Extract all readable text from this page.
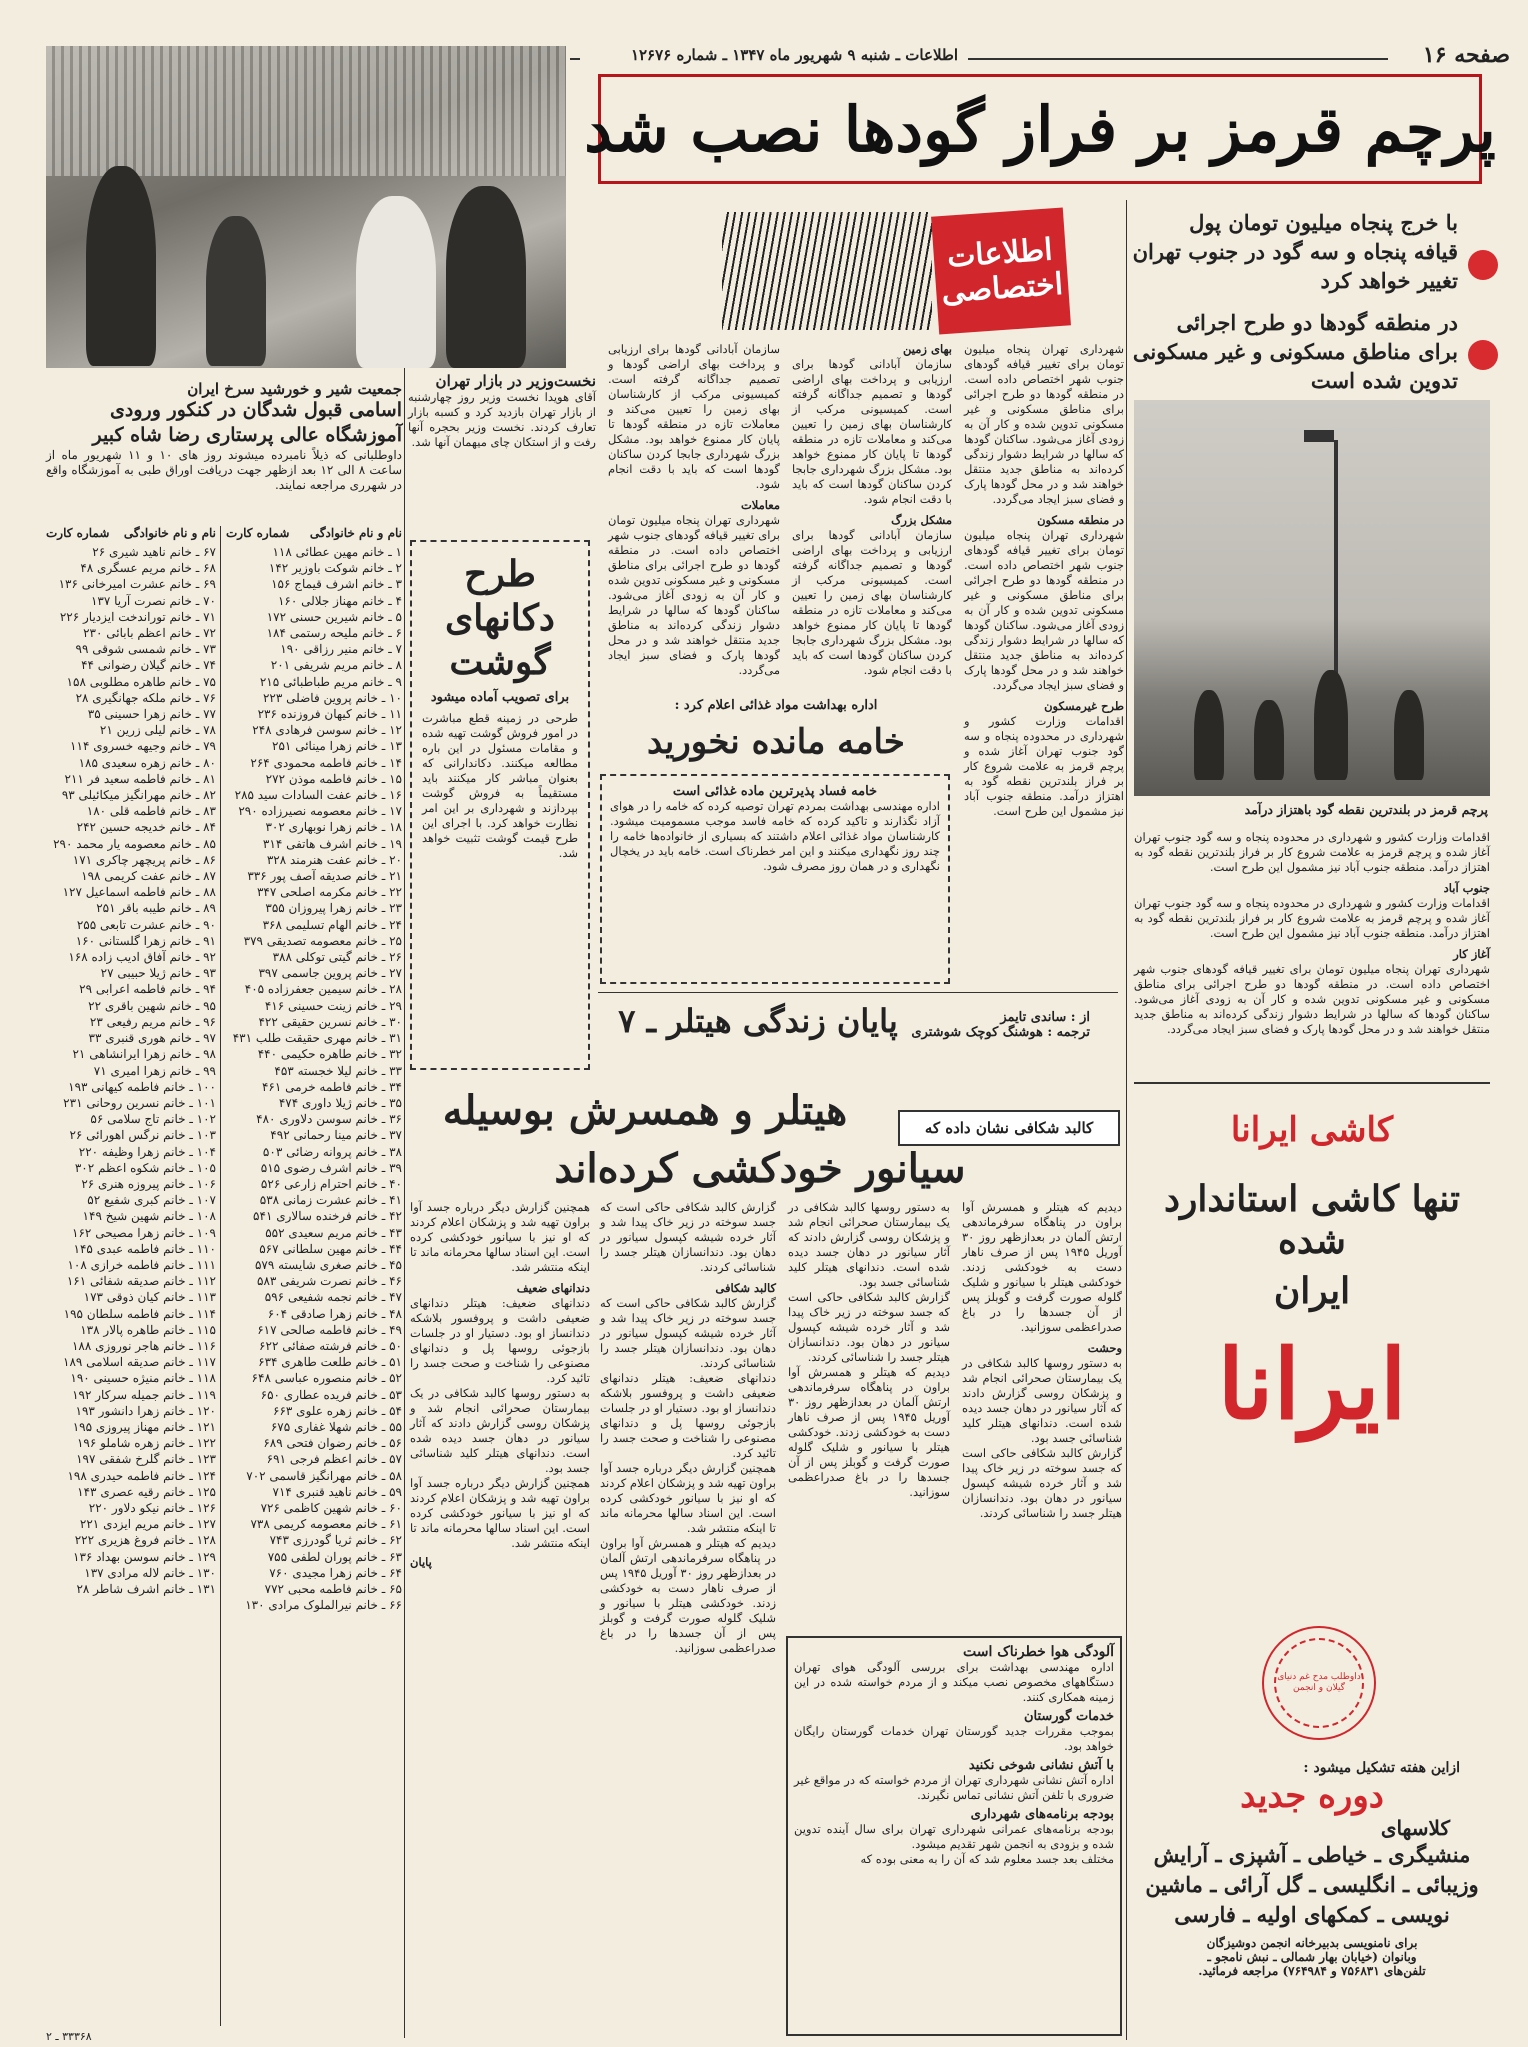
صفحه ۱۶
اطلاعات ـ شنبه ۹ شهریور ماه ۱۳۴۷ ـ شماره ۱۲۶۷۶
پرچم قرمز بر فراز گودها نصب شد
اطلاعات
اختصاصی
با خرج پنجاه میلیون تومان پول
قیافه پنجاه و سه گود در جنوب تهران
تغییر خواهد کرد
در منطقه گودها دو طرح اجرائی
برای مناطق مسکونی و غیر مسکونی
تدوین شده است
پرچم قرمز در بلندترین نقطه گود باهتزاز درآمد
شهرداری تهران پنجاه میلیون تومان برای تغییر قیافه گودهای جنوب شهر اختصاص داده است. در منطقه گودها دو طرح اجرائی برای مناطق مسکونی و غیر مسکونی تدوین شده و کار آن به زودی آغاز می‌شود. ساکنان گودها که سالها در شرایط دشوار زندگی کرده‌اند به مناطق جدید منتقل خواهند شد و در محل گودها پارک و فضای سبز ایجاد می‌گردد.
در منطقه مسکون
شهرداری تهران پنجاه میلیون تومان برای تغییر قیافه گودهای جنوب شهر اختصاص داده است. در منطقه گودها دو طرح اجرائی برای مناطق مسکونی و غیر مسکونی تدوین شده و کار آن به زودی آغاز می‌شود. ساکنان گودها که سالها در شرایط دشوار زندگی کرده‌اند به مناطق جدید منتقل خواهند شد و در محل گودها پارک و فضای سبز ایجاد می‌گردد.
طرح غیرمسکون
اقدامات وزارت کشور و شهرداری در محدوده پنجاه و سه گود جنوب تهران آغاز شده و پرچم قرمز به علامت شروع کار بر فراز بلندترین نقطه گود به اهتزاز درآمد. منطقه جنوب آباد نیز مشمول این طرح است.
بهای زمین
سازمان آبادانی گودها برای ارزیابی و پرداخت بهای اراضی گودها و تصمیم جداگانه گرفته است. کمیسیونی مرکب از کارشناسان بهای زمین را تعیین می‌کند و معاملات تازه در منطقه گودها تا پایان کار ممنوع خواهد بود. مشکل بزرگ شهرداری جابجا کردن ساکنان گودها است که باید با دقت انجام شود.
مشکل بزرگ
سازمان آبادانی گودها برای ارزیابی و پرداخت بهای اراضی گودها و تصمیم جداگانه گرفته است. کمیسیونی مرکب از کارشناسان بهای زمین را تعیین می‌کند و معاملات تازه در منطقه گودها تا پایان کار ممنوع خواهد بود. مشکل بزرگ شهرداری جابجا کردن ساکنان گودها است که باید با دقت انجام شود.
سازمان آبادانی گودها برای ارزیابی و پرداخت بهای اراضی گودها و تصمیم جداگانه گرفته است. کمیسیونی مرکب از کارشناسان بهای زمین را تعیین می‌کند و معاملات تازه در منطقه گودها تا پایان کار ممنوع خواهد بود. مشکل بزرگ شهرداری جابجا کردن ساکنان گودها است که باید با دقت انجام شود.
معاملات
شهرداری تهران پنجاه میلیون تومان برای تغییر قیافه گودهای جنوب شهر اختصاص داده است. در منطقه گودها دو طرح اجرائی برای مناطق مسکونی و غیر مسکونی تدوین شده و کار آن به زودی آغاز می‌شود. ساکنان گودها که سالها در شرایط دشوار زندگی کرده‌اند به مناطق جدید منتقل خواهند شد و در محل گودها پارک و فضای سبز ایجاد می‌گردد.
اقدامات وزارت کشور و شهرداری در محدوده پنجاه و سه گود جنوب تهران آغاز شده و پرچم قرمز به علامت شروع کار بر فراز بلندترین نقطه گود به اهتزاز درآمد. منطقه جنوب آباد نیز مشمول این طرح است.
جنوب آباد
اقدامات وزارت کشور و شهرداری در محدوده پنجاه و سه گود جنوب تهران آغاز شده و پرچم قرمز به علامت شروع کار بر فراز بلندترین نقطه گود به اهتزاز درآمد. منطقه جنوب آباد نیز مشمول این طرح است.
آغاز کار
شهرداری تهران پنجاه میلیون تومان برای تغییر قیافه گودهای جنوب شهر اختصاص داده است. در منطقه گودها دو طرح اجرائی برای مناطق مسکونی و غیر مسکونی تدوین شده و کار آن به زودی آغاز می‌شود. ساکنان گودها که سالها در شرایط دشوار زندگی کرده‌اند به مناطق جدید منتقل خواهند شد و در محل گودها پارک و فضای سبز ایجاد می‌گردد.
نخست‌وزیر در بازار تهران
آقای هویدا نخست وزیر روز چهارشنبه از بازار تهران بازدید کرد و کسبه بازار تعارف کردند. نخست وزیر بحجره آنها رفت و از استکان چای میهمان آنها شد.
جمعیت شیر و خورشید سرخ ایران
اسامی قبول شدگان در کنکور ورودی آموزشگاه عالی پرستاری رضا شاه کبیر
داوطلبانی که ذیلاً نامبرده میشوند روز های ۱۰ و ۱۱ شهریور ماه از ساعت ۸ الی ۱۲ بعد ازظهر جهت دریافت اوراق طبی به آموزشگاه واقع در شهرری مراجعه نمایند.
نام و نام خانوادگی
شماره کارت
نام و نام خانوادگی
شماره کارت
۱ ـ خانم مهین عطائی ۱۱۸
۲ ـ خانم شوکت باوزیر ۱۴۲
۳ ـ خانم اشرف قیماج ۱۵۶
۴ ـ خانم مهناز جلالی ۱۶۰
۵ ـ خانم شیرین حسنی ۱۷۲
۶ ـ خانم ملیحه رستمی ۱۸۴
۷ ـ خانم منیر رزاقی ۱۹۰
۸ ـ خانم مریم شریفی ۲۰۱
۹ ـ خانم مریم طباطبائی ۲۱۵
۱۰ ـ خانم پروین فاضلی ۲۲۳
۱۱ ـ خانم کیهان فروزنده ۲۳۶
۱۲ ـ خانم سوسن فرهادی ۲۴۸
۱۳ ـ خانم زهرا مینائی ۲۵۱
۱۴ ـ خانم فاطمه محمودی ۲۶۴
۱۵ ـ خانم فاطمه موذن ۲۷۲
۱۶ ـ خانم عفت السادات سید ۲۸۵
۱۷ ـ خانم معصومه نصیرزاده ۲۹۰
۱۸ ـ خانم زهرا نوبهاری ۳۰۲
۱۹ ـ خانم اشرف هاتفی ۳۱۴
۲۰ ـ خانم عفت هنرمند ۳۲۸
۲۱ ـ خانم صدیقه آصف پور ۳۳۶
۲۲ ـ خانم مکرمه اصلحی ۳۴۷
۲۳ ـ خانم زهرا پیروزان ۳۵۵
۲۴ ـ خانم الهام تسلیمی ۳۶۸
۲۵ ـ خانم معصومه تصدیقی ۳۷۹
۲۶ ـ خانم گیتی توکلی ۳۸۸
۲۷ ـ خانم پروین جاسمی ۳۹۷
۲۸ ـ خانم سیمین جعفرزاده ۴۰۵
۲۹ ـ خانم زینت حسینی ۴۱۶
۳۰ ـ خانم نسرین حقیقی ۴۲۲
۳۱ ـ خانم مهری حقیقت طلب ۴۳۱
۳۲ ـ خانم طاهره حکیمی ۴۴۰
۳۳ ـ خانم لیلا خجسته ۴۵۳
۳۴ ـ خانم فاطمه خرمی ۴۶۱
۳۵ ـ خانم ژیلا داوری ۴۷۴
۳۶ ـ خانم سوسن دلاوری ۴۸۰
۳۷ ـ خانم مینا رحمانی ۴۹۲
۳۸ ـ خانم پروانه رضائی ۵۰۳
۳۹ ـ خانم اشرف رضوی ۵۱۵
۴۰ ـ خانم احترام زارعی ۵۲۶
۴۱ ـ خانم عشرت زمانی ۵۳۸
۴۲ ـ خانم فرخنده سالاری ۵۴۱
۴۳ ـ خانم مریم سعیدی ۵۵۲
۴۴ ـ خانم مهین سلطانی ۵۶۷
۴۵ ـ خانم صغری شایسته ۵۷۹
۴۶ ـ خانم نصرت شریفی ۵۸۳
۴۷ ـ خانم نجمه شفیعی ۵۹۶
۴۸ ـ خانم زهرا صادقی ۶۰۴
۴۹ ـ خانم فاطمه صالحی ۶۱۷
۵۰ ـ خانم فرشته صفائی ۶۲۲
۵۱ ـ خانم طلعت طاهری ۶۳۴
۵۲ ـ خانم منصوره عباسی ۶۴۸
۵۳ ـ خانم فریده عطاری ۶۵۰
۵۴ ـ خانم زهره علوی ۶۶۳
۵۵ ـ خانم شهلا غفاری ۶۷۵
۵۶ ـ خانم رضوان فتحی ۶۸۹
۵۷ ـ خانم اعظم فرجی ۶۹۱
۵۸ ـ خانم مهرانگیز قاسمی ۷۰۲
۵۹ ـ خانم ناهید قنبری ۷۱۴
۶۰ ـ خانم شهین کاظمی ۷۲۶
۶۱ ـ خانم معصومه کریمی ۷۳۸
۶۲ ـ خانم ثریا گودرزی ۷۴۳
۶۳ ـ خانم پوران لطفی ۷۵۵
۶۴ ـ خانم زهرا مجیدی ۷۶۰
۶۵ ـ خانم فاطمه محبی ۷۷۲
۶۶ ـ خانم نیرالملوک مرادی ۱۳۰
۶۷ ـ خانم ناهید شیری ۲۶
۶۸ ـ خانم مریم عسگری ۴۸
۶۹ ـ خانم عشرت امیرخانی ۱۳۶
۷۰ ـ خانم نصرت آریا ۱۳۷
۷۱ ـ خانم توراندخت ایزدیار ۲۲۶
۷۲ ـ خانم اعظم بابائی ۲۳۰
۷۳ ـ خانم شمسی شوقی ۹۹
۷۴ ـ خانم گیلان رضوانی ۴۴
۷۵ ـ خانم طاهره مطلوبی ۱۵۸
۷۶ ـ خانم ملکه جهانگیری ۲۸
۷۷ ـ خانم زهرا حسینی ۳۵
۷۸ ـ خانم لیلی زرین ۲۱
۷۹ ـ خانم وجیهه خسروی ۱۱۴
۸۰ ـ خانم زهره سعیدی ۱۸۵
۸۱ ـ خانم فاطمه سعید فر ۲۱۱
۸۲ ـ خانم مهرانگیز میکائیلی ۹۳
۸۳ ـ خانم فاطمه قلی ۱۸۰
۸۴ ـ خانم خدیجه حسین ۲۴۲
۸۵ ـ خانم معصومه یار محمد ۲۹۰
۸۶ ـ خانم پریچهر چاکری ۱۷۱
۸۷ ـ خانم عفت کریمی ۱۹۸
۸۸ ـ خانم فاطمه اسماعیل ۱۲۷
۸۹ ـ خانم طیبه باقر ۲۵۱
۹۰ ـ خانم عشرت تابعی ۲۵۵
۹۱ ـ خانم زهرا گلستانی ۱۶۰
۹۲ ـ خانم آفاق ادیب زاده ۱۶۸
۹۳ ـ خانم ژیلا حبیبی ۲۷
۹۴ ـ خانم فاطمه اعرابی ۲۹
۹۵ ـ خانم شهین باقری ۲۲
۹۶ ـ خانم مریم رفیعی ۲۳
۹۷ ـ خانم هوری قنبری ۳۳
۹۸ ـ خانم زهرا ایرانشاهی ۲۱
۹۹ ـ خانم زهرا امیری ۷۱
۱۰۰ ـ خانم فاطمه کیهانی ۱۹۳
۱۰۱ ـ خانم نسرین روحانی ۲۳۱
۱۰۲ ـ خانم تاج سلامی ۵۶
۱۰۳ ـ خانم نرگس اهورائی ۲۶
۱۰۴ ـ خانم زهرا وظیفه ۲۲۰
۱۰۵ ـ خانم شکوه اعظم ۳۰۲
۱۰۶ ـ خانم پیروزه هنری ۲۶
۱۰۷ ـ خانم کبری شفیع ۵۲
۱۰۸ ـ خانم شهین شیخ ۱۴۹
۱۰۹ ـ خانم زهرا مصیحی ۱۶۲
۱۱۰ ـ خانم فاطمه عبدی ۱۴۵
۱۱۱ ـ خانم فاطمه خرازی ۱۰۸
۱۱۲ ـ خانم صدیقه شفائی ۱۶۱
۱۱۳ ـ خانم کیان ذوقی ۱۷۳
۱۱۴ ـ خانم فاطمه سلطان ۱۹۵
۱۱۵ ـ خانم طاهره پالار ۱۳۸
۱۱۶ ـ خانم هاجر نوروزی ۱۸۸
۱۱۷ ـ خانم صدیقه اسلامی ۱۸۹
۱۱۸ ـ خانم منیژه حسینی ۱۹۰
۱۱۹ ـ خانم جمیله سرکار ۱۹۲
۱۲۰ ـ خانم زهرا دانشور ۱۹۳
۱۲۱ ـ خانم مهناز پیروزی ۱۹۵
۱۲۲ ـ خانم زهره شاملو ۱۹۶
۱۲۳ ـ خانم گلرخ شفقی ۱۹۷
۱۲۴ ـ خانم فاطمه حیدری ۱۹۸
۱۲۵ ـ خانم رقیه عصری ۱۴۳
۱۲۶ ـ خانم نیکو دلاور ۲۲۰
۱۲۷ ـ خانم مریم ایزدی ۲۲۱
۱۲۸ ـ خانم فروغ هزیری ۲۲۲
۱۲۹ ـ خانم سوسن بهداد ۱۳۶
۱۳۰ ـ خانم لاله مرادی ۱۳۷
۱۳۱ ـ خانم اشرف شاطر ۲۸
۳۳۳۶۸ ـ ۲
طرح دکانهای گوشت
برای تصویب آماده میشود
طرحی در زمینه قطع مباشرت در امور فروش گوشت تهیه شده و مقامات مسئول در این باره مطالعه میکنند. دکاندارانی که بعنوان مباشر کار میکنند باید مستقیماً به فروش گوشت بپردازند و شهرداری بر این امر نظارت خواهد کرد. با اجرای این طرح قیمت گوشت تثبیت خواهد شد.
اداره بهداشت مواد غذائی اعلام کرد :
خامه مانده نخورید
خامه فساد پذیرترین ماده غذائی است
اداره مهندسی بهداشت بمردم تهران توصیه کرده که خامه را در هوای آزاد نگذارند و تاکید کرده که خامه فاسد موجب مسمومیت میشود. کارشناسان مواد غذائی اعلام داشتند که بسیاری از خانواده‌ها خامه را چند روز نگهداری میکنند و این امر خطرناک است. خامه باید در یخچال نگهداری و در همان روز مصرف شود.
پایان زندگی هیتلر ـ ۷	از : ساندی تایمز
ترجمه : هوشنگ کوچک شوشتری
کالبد شکافی نشان داده که
هیتلر و همسرش بوسیله
سیانور خودکشی کرده‌اند
دیدیم که هیتلر و همسرش آوا براون در پناهگاه سرفرماندهی ارتش آلمان در بعدازظهر روز ۳۰ آوریل ۱۹۴۵ پس از صرف ناهار دست به خودکشی زدند. خودکشی هیتلر با سیانور و شلیک گلوله صورت گرفت و گوبلز پس از آن جسدها را در باغ صدراعظمی سوزانید.
وحشت
به دستور روسها کالبد شکافی در یک بیمارستان صحرائی انجام شد و پزشکان روسی گزارش دادند که آثار سیانور در دهان جسد دیده شده است. دندانهای هیتلر کلید شناسائی جسد بود.
گزارش کالبد شکافی حاکی است که جسد سوخته در زیر خاک پیدا شد و آثار خرده شیشه کپسول سیانور در دهان بود. دندانسازان هیتلر جسد را شناسائی کردند.
به دستور روسها کالبد شکافی در یک بیمارستان صحرائی انجام شد و پزشکان روسی گزارش دادند که آثار سیانور در دهان جسد دیده شده است. دندانهای هیتلر کلید شناسائی جسد بود.
گزارش کالبد شکافی حاکی است که جسد سوخته در زیر خاک پیدا شد و آثار خرده شیشه کپسول سیانور در دهان بود. دندانسازان هیتلر جسد را شناسائی کردند.
دیدیم که هیتلر و همسرش آوا براون در پناهگاه سرفرماندهی ارتش آلمان در بعدازظهر روز ۳۰ آوریل ۱۹۴۵ پس از صرف ناهار دست به خودکشی زدند. خودکشی هیتلر با سیانور و شلیک گلوله صورت گرفت و گوبلز پس از آن جسدها را در باغ صدراعظمی سوزانید.
گزارش کالبد شکافی حاکی است که جسد سوخته در زیر خاک پیدا شد و آثار خرده شیشه کپسول سیانور در دهان بود. دندانسازان هیتلر جسد را شناسائی کردند.
کالبد شکافی
گزارش کالبد شکافی حاکی است که جسد سوخته در زیر خاک پیدا شد و آثار خرده شیشه کپسول سیانور در دهان بود. دندانسازان هیتلر جسد را شناسائی کردند.
دندانهای ضعیف: هیتلر دندانهای ضعیفی داشت و پروفسور بلاشکه دندانساز او بود. دستیار او در جلسات بازجوئی روسها پل و دندانهای مصنوعی را شناخت و صحت جسد را تائید کرد.
همچنین گزارش دیگر درباره جسد آوا براون تهیه شد و پزشکان اعلام کردند که او نیز با سیانور خودکشی کرده است. این اسناد سالها محرمانه ماند تا اینکه منتشر شد.
دیدیم که هیتلر و همسرش آوا براون در پناهگاه سرفرماندهی ارتش آلمان در بعدازظهر روز ۳۰ آوریل ۱۹۴۵ پس از صرف ناهار دست به خودکشی زدند. خودکشی هیتلر با سیانور و شلیک گلوله صورت گرفت و گوبلز پس از آن جسدها را در باغ صدراعظمی سوزانید.
همچنین گزارش دیگر درباره جسد آوا براون تهیه شد و پزشکان اعلام کردند که او نیز با سیانور خودکشی کرده است. این اسناد سالها محرمانه ماند تا اینکه منتشر شد.
دندانهای ضعیف
دندانهای ضعیف: هیتلر دندانهای ضعیفی داشت و پروفسور بلاشکه دندانساز او بود. دستیار او در جلسات بازجوئی روسها پل و دندانهای مصنوعی را شناخت و صحت جسد را تائید کرد.
به دستور روسها کالبد شکافی در یک بیمارستان صحرائی انجام شد و پزشکان روسی گزارش دادند که آثار سیانور در دهان جسد دیده شده است. دندانهای هیتلر کلید شناسائی جسد بود.
همچنین گزارش دیگر درباره جسد آوا براون تهیه شد و پزشکان اعلام کردند که او نیز با سیانور خودکشی کرده است. این اسناد سالها محرمانه ماند تا اینکه منتشر شد.
پایان
آلودگی هوا خطرناک است
اداره مهندسی بهداشت برای بررسی آلودگی هوای تهران دستگاههای مخصوص نصب میکند و از مردم خواسته شده در این زمینه همکاری کنند.
خدمات گورستان
بموجب مقررات جدید گورستان تهران خدمات گورستان رایگان خواهد بود.
با آتش نشانی شوخی نکنید
اداره آتش نشانی شهرداری تهران از مردم خواسته که در مواقع غیر ضروری با تلفن آتش نشانی تماس نگیرند.
بودجه برنامه‌های شهرداری
بودجه برنامه‌های عمرانی شهرداری تهران برای سال آینده تدوین شده و بزودی به انجمن شهر تقدیم میشود.
مختلف بعد جسد معلوم شد که آن را به معنی بوده که
کاشی ایرانا
تنها کاشی استاندارد شده
ایران
ایرانا
داوطلب مدح غم دنیای گیلان و انجمن
ازاین هفته تشکیل میشود :
دوره جدید
کلاسهای
منشیگری ـ خیاطی ـ آشپزی ـ آرایش وزیبائی ـ انگلیسی ـ گل آرائی ـ ماشین نویسی ـ کمکهای اولیه ـ فارسی
برای نامنویسی بدبیرخانه انجمن دوشیزگان
وبانوان (خیابان بهار شمالی ـ نبش نامجو ـ
تلفن‌های ۷۵۶۸۳۱ و ۷۶۴۹۸۴) مراجعه فرمائید.
